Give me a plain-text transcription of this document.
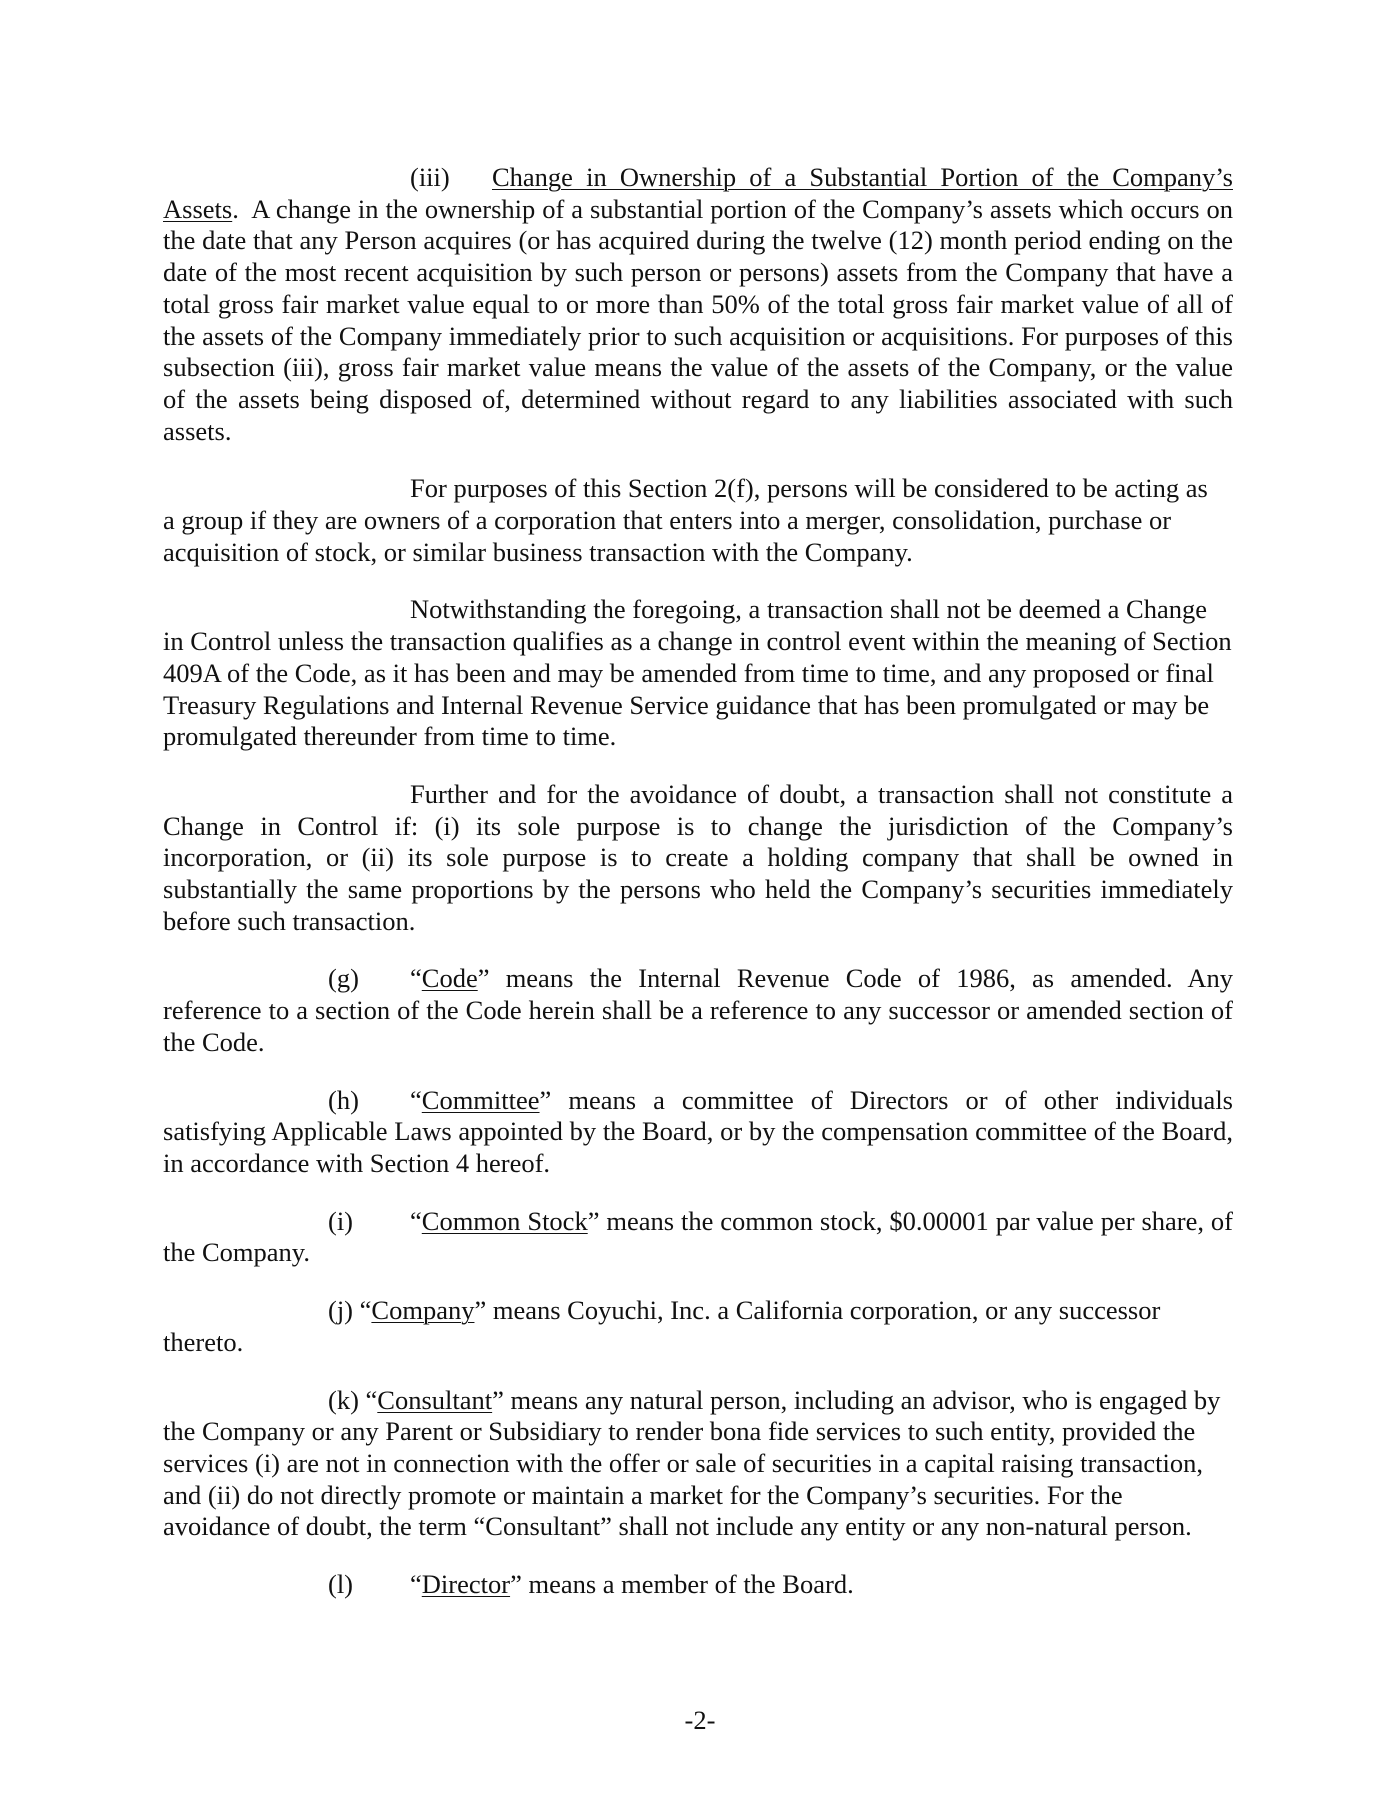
(iii) Change in Ownership of a Substantial Portion of the Company’s Assets. A change in the ownership of a substantial portion of the Company’s assets which occurs on the date that any Person acquires (or has acquired during the twelve (12) month period ending on the date of the most recent acquisition by such person or persons) assets from the Company that have a total gross fair market value equal to or more than 50% of the total gross fair market value of all of the assets of the Company immediately prior to such acquisition or acquisitions. For purposes of this subsection (iii), gross fair market value means the value of the assets of the Company, or the value of the assets being disposed of, determined without regard to any liabilities associated with such assets.

For purposes of this Section 2(f), persons will be considered to be acting as a group if they are owners of a corporation that enters into a merger, consolidation, purchase or acquisition of stock, or similar business transaction with the Company.

Notwithstanding the foregoing, a transaction shall not be deemed a Change in Control unless the transaction qualifies as a change in control event within the meaning of Section 409A of the Code, as it has been and may be amended from time to time, and any proposed or final Treasury Regulations and Internal Revenue Service guidance that has been promulgated or may be promulgated thereunder from time to time.

Further and for the avoidance of doubt, a transaction shall not constitute a Change in Control if: (i) its sole purpose is to change the jurisdiction of the Company’s incorporation, or (ii) its sole purpose is to create a holding company that shall be owned in substantially the same proportions by the persons who held the Company’s securities immediately before such transaction.

(g) “Code” means the Internal Revenue Code of 1986, as amended. Any reference to a section of the Code herein shall be a reference to any successor or amended section of the Code.

(h) “Committee” means a committee of Directors or of other individuals satisfying Applicable Laws appointed by the Board, or by the compensation committee of the Board, in accordance with Section 4 hereof.

(i) “Common Stock” means the common stock, $0.00001 par value per share, of the Company.

(j) “Company” means Coyuchi, Inc. a California corporation, or any successor thereto.

(k) “Consultant” means any natural person, including an advisor, who is engaged by the Company or any Parent or Subsidiary to render bona fide services to such entity, provided the services (i) are not in connection with the offer or sale of securities in a capital raising transaction, and (ii) do not directly promote or maintain a market for the Company’s securities. For the avoidance of doubt, the term “Consultant” shall not include any entity or any non-natural person.

(l) “Director” means a member of the Board.

-2-
